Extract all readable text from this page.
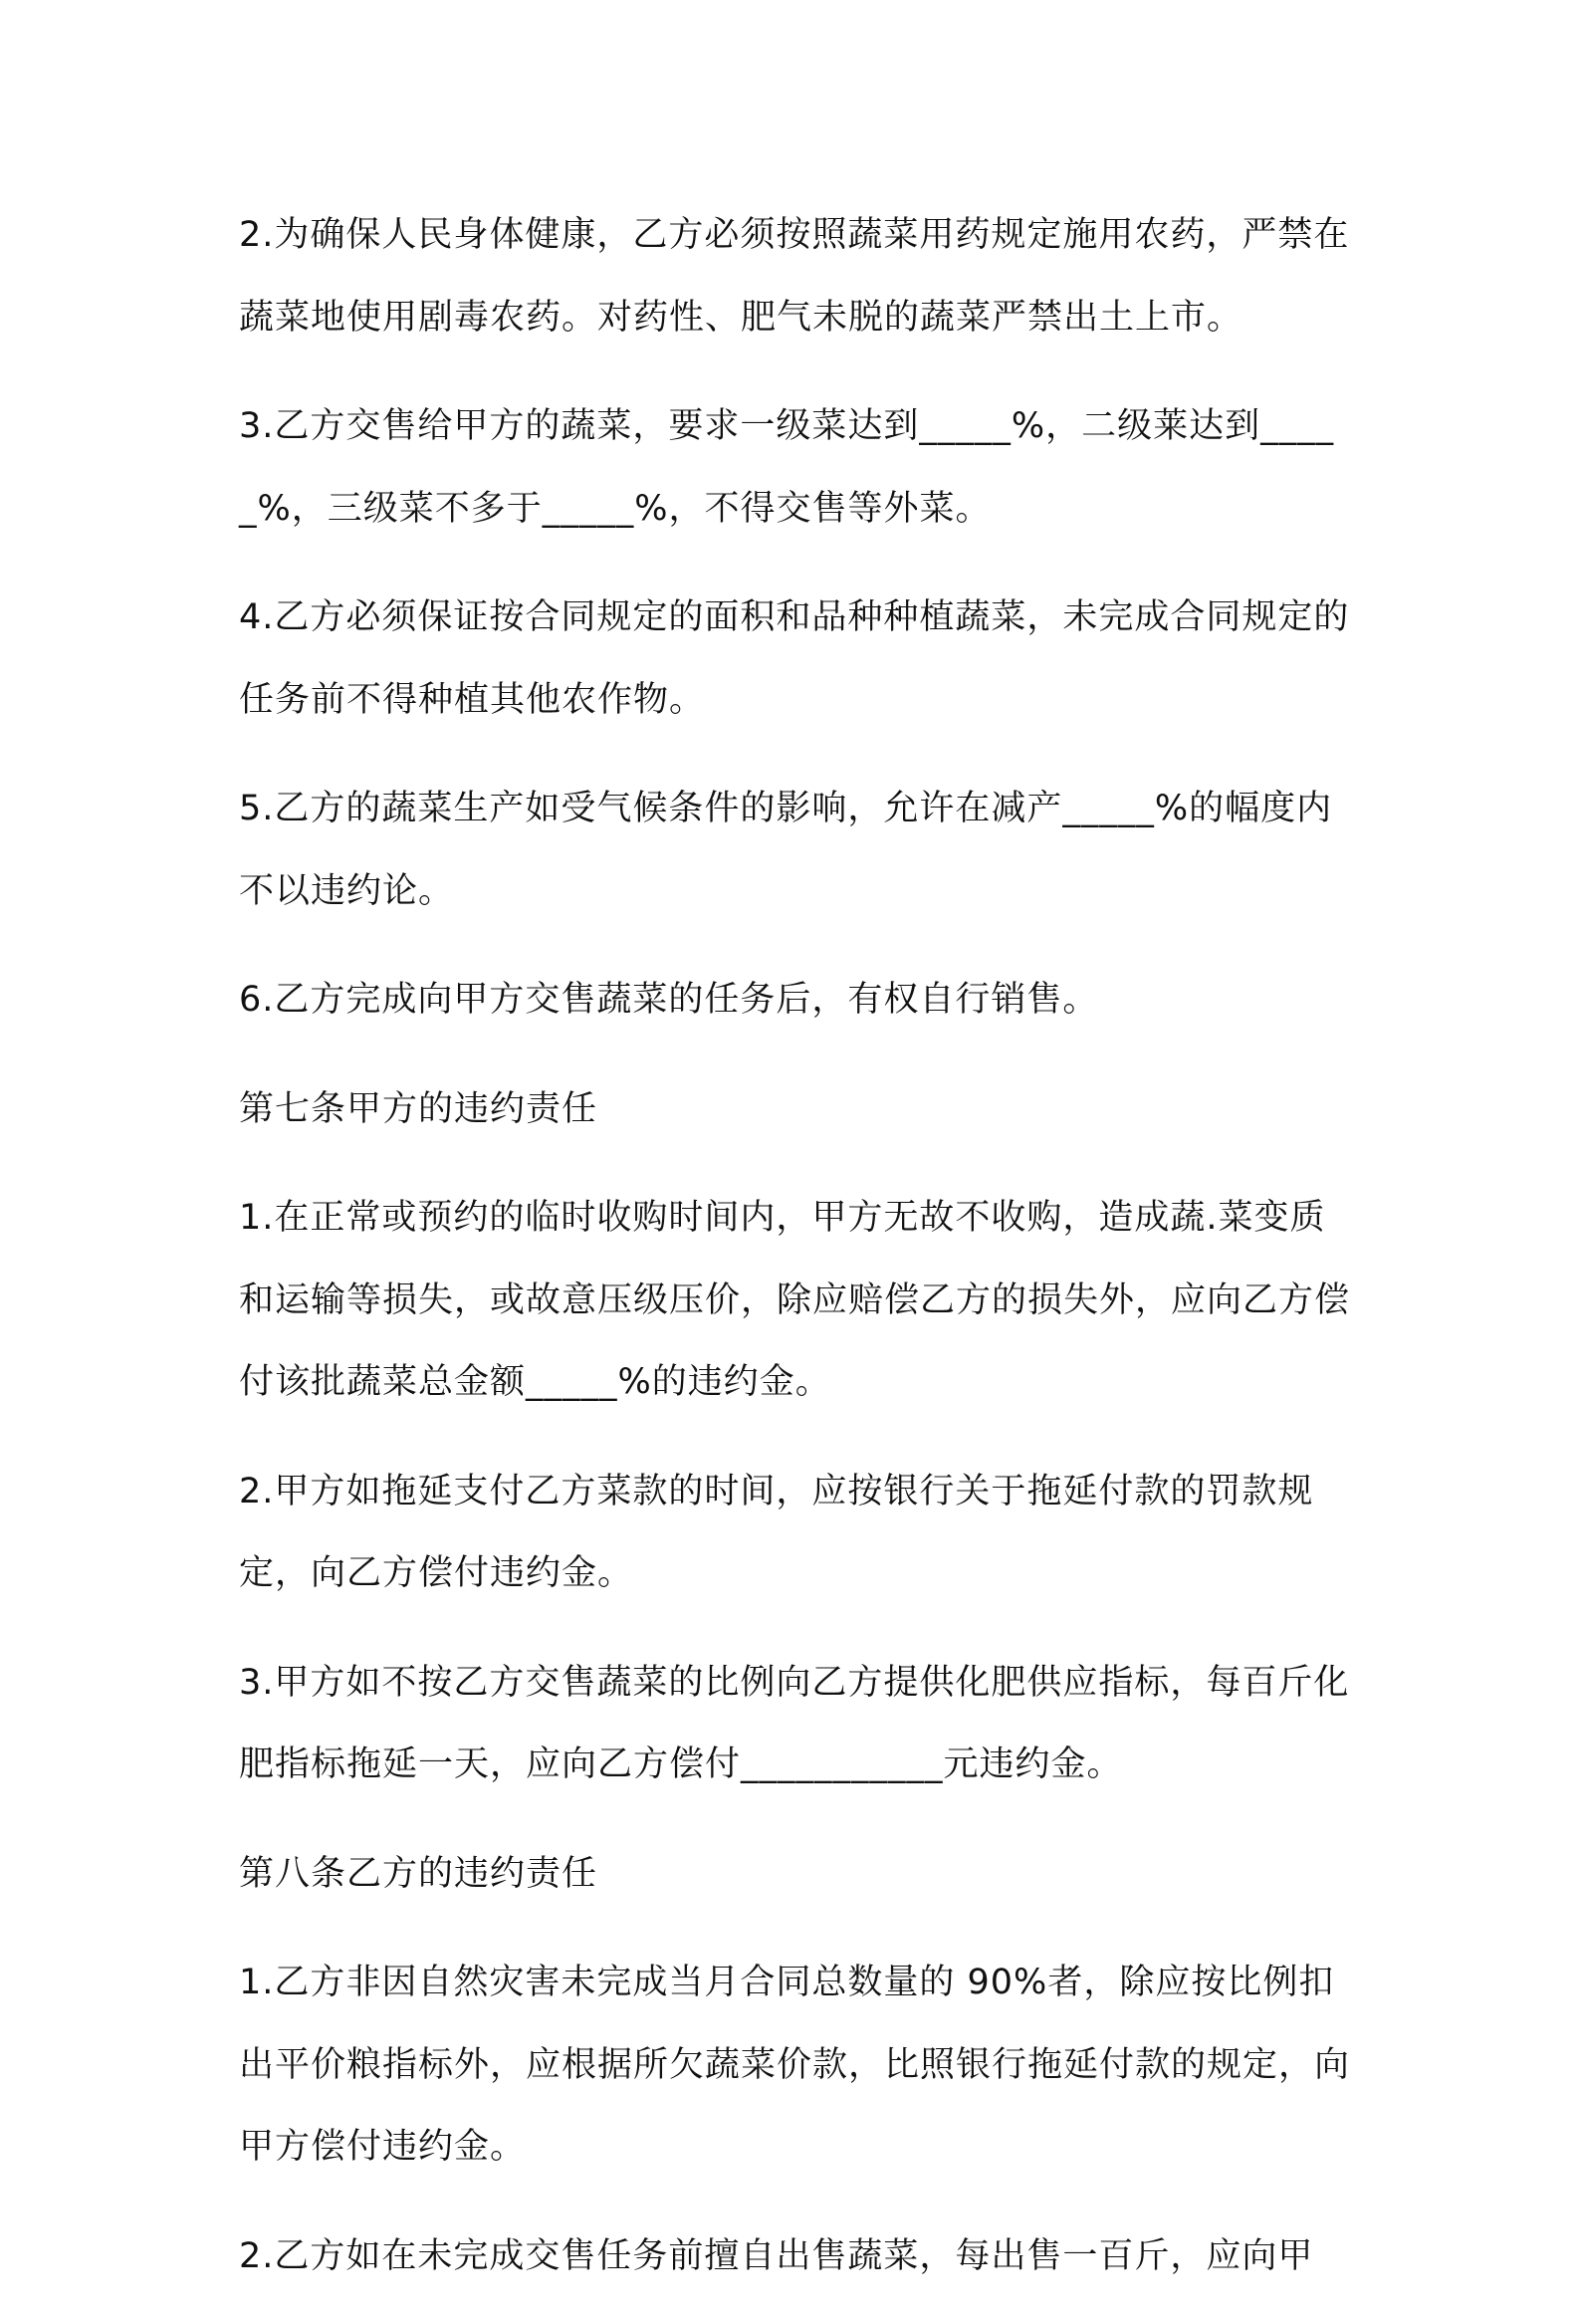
2.为确保人民身体健康，乙方必须按照蔬菜用药规定施用农药，严禁在蔬菜地使用剧毒农药。对药性、肥气未脱的蔬菜严禁出土上市。

3.乙方交售给甲方的蔬菜，要求一级菜达到_____%，二级莱达到_____%，三级菜不多于_____%，不得交售等外菜。

4.乙方必须保证按合同规定的面积和品种种植蔬菜，未完成合同规定的任务前不得种植其他农作物。

5.乙方的蔬菜生产如受气候条件的影响，允许在减产_____%的幅度内不以违约论。

6.乙方完成向甲方交售蔬菜的任务后，有权自行销售。

第七条甲方的违约责任

1.在正常或预约的临时收购时间内，甲方无故不收购，造成蔬.菜变质和运输等损失，或故意压级压价，除应赔偿乙方的损失外，应向乙方偿付该批蔬菜总金额_____%的违约金。

2.甲方如拖延支付乙方菜款的时间，应按银行关于拖延付款的罚款规定，向乙方偿付违约金。

3.甲方如不按乙方交售蔬菜的比例向乙方提供化肥供应指标，每百斤化肥指标拖延一天，应向乙方偿付___________元违约金。

第八条乙方的违约责任

1.乙方非因自然灾害未完成当月合同总数量的 90%者，除应按比例扣出平价粮指标外，应根据所欠蔬菜价款，比照银行拖延付款的规定，向甲方偿付违约金。

2.乙方如在未完成交售任务前擅自出售蔬菜，每出售一百斤，应向甲
